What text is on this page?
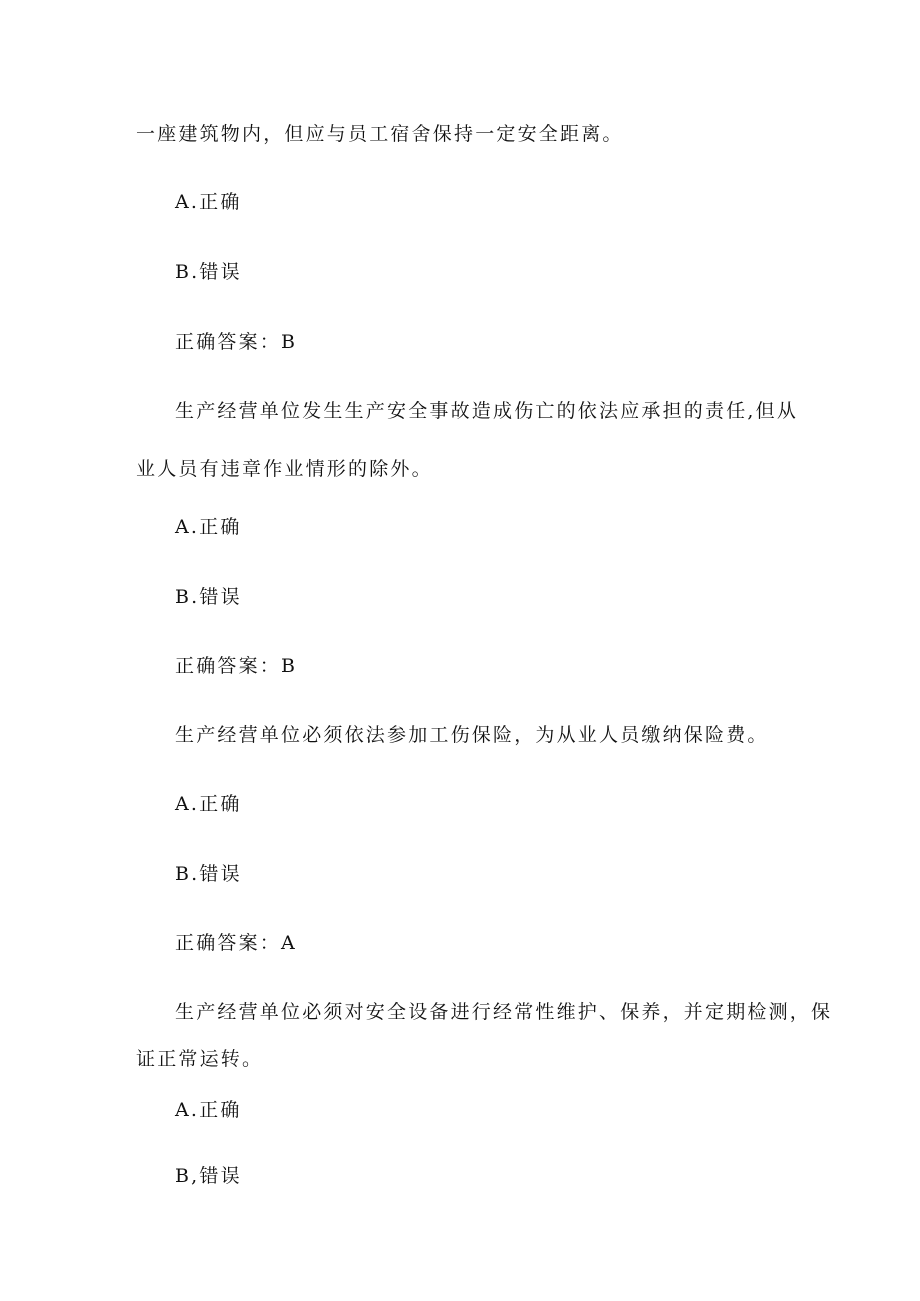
一座建筑物内，但应与员工宿舍保持一定安全距离。
A.正确
B.错误
正确答案：B
生产经营单位发生生产安全事故造成伤亡的依法应承担的责任,但从
业人员有违章作业情形的除外。
A.正确
B.错误
正确答案：B
生产经营单位必须依法参加工伤保险，为从业人员缴纳保险费。
A.正确
B.错误
正确答案：A
生产经营单位必须对安全设备进行经常性维护、保养，并定期检测，保
证正常运转。
A.正确
B,错误
